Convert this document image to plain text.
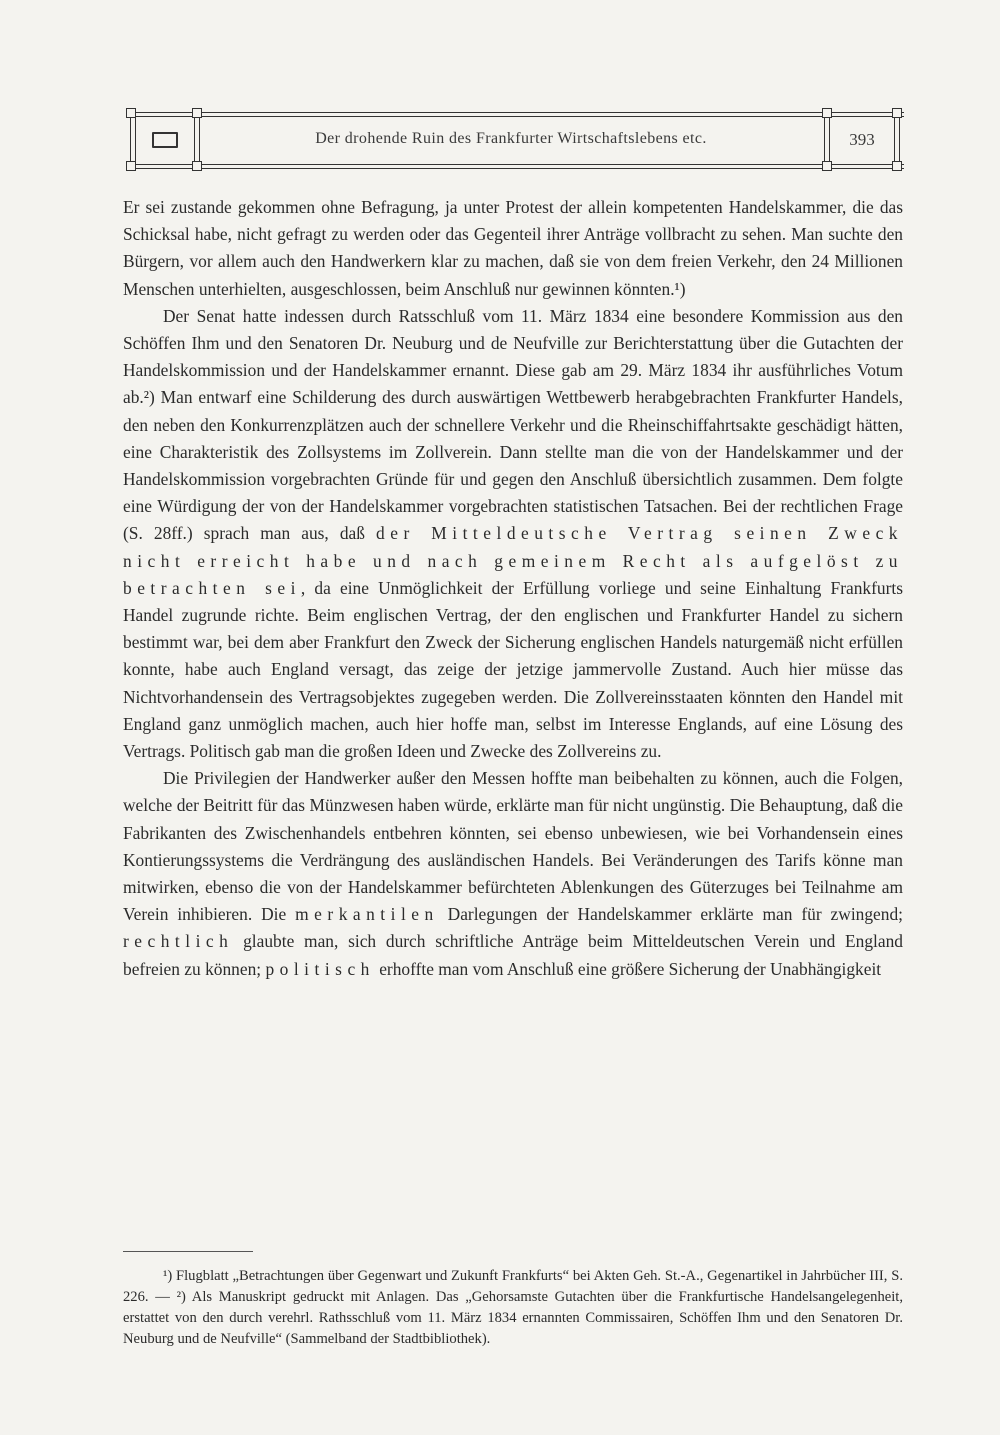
Der drohende Ruin des Frankfurter Wirtschaftslebens etc.	393

Er sei zustande gekommen ohne Befragung, ja unter Protest der allein kompetenten Handelskammer, die das Schicksal habe, nicht gefragt zu werden oder das Gegenteil ihrer Anträge vollbracht zu sehen. Man suchte den Bürgern, vor allem auch den Handwerkern klar zu machen, daß sie von dem freien Verkehr, den 24 Millionen Menschen unterhielten, ausgeschlossen, beim Anschluß nur gewinnen könnten.¹)

Der Senat hatte indessen durch Ratsschluß vom 11. März 1834 eine besondere Kommission aus den Schöffen Ihm und den Senatoren Dr. Neuburg und de Neufville zur Berichterstattung über die Gutachten der Handelskommission und der Handelskammer ernannt. Diese gab am 29. März 1834 ihr ausführliches Votum ab.²) Man entwarf eine Schilderung des durch auswärtigen Wettbewerb herabgebrachten Frankfurter Handels, den neben den Konkurrenzplätzen auch der schnellere Verkehr und die Rheinschiffahrtsakte geschädigt hätten, eine Charakteristik des Zollsystems im Zollverein. Dann stellte man die von der Handelskammer und der Handelskommission vorgebrachten Gründe für und gegen den Anschluß übersichtlich zusammen. Dem folgte eine Würdigung der von der Handelskammer vorgebrachten statistischen Tatsachen. Bei der rechtlichen Frage (S. 28ff.) sprach man aus, daß der Mitteldeutsche Vertrag seinen Zweck nicht erreicht habe und nach gemeinem Recht als aufgelöst zu betrachten sei, da eine Unmöglichkeit der Erfüllung vorliege und seine Einhaltung Frankfurts Handel zugrunde richte. Beim englischen Vertrag, der den englischen und Frankfurter Handel zu sichern bestimmt war, bei dem aber Frankfurt den Zweck der Sicherung englischen Handels naturgemäß nicht erfüllen konnte, habe auch England versagt, das zeige der jetzige jammervolle Zustand. Auch hier müsse das Nichtvorhandensein des Vertragsobjektes zugegeben werden. Die Zollvereinsstaaten könnten den Handel mit England ganz unmöglich machen, auch hier hoffe man, selbst im Interesse Englands, auf eine Lösung des Vertrags. Politisch gab man die großen Ideen und Zwecke des Zollvereins zu.

Die Privilegien der Handwerker außer den Messen hoffte man beibehalten zu können, auch die Folgen, welche der Beitritt für das Münzwesen haben würde, erklärte man für nicht ungünstig. Die Behauptung, daß die Fabrikanten des Zwischenhandels entbehren könnten, sei ebenso unbewiesen, wie bei Vorhandensein eines Kontierungssystems die Verdrängung des ausländischen Handels. Bei Veränderungen des Tarifs könne man mitwirken, ebenso die von der Handelskammer befürchteten Ablenkungen des Güterzuges bei Teilnahme am Verein inhibieren. Die merkantilen Darlegungen der Handelskammer erklärte man für zwingend; rechtlich glaubte man, sich durch schriftliche Anträge beim Mitteldeutschen Verein und England befreien zu können; politisch erhoffte man vom Anschluß eine größere Sicherung der Unabhängigkeit

¹) Flugblatt „Betrachtungen über Gegenwart und Zukunft Frankfurts“ bei Akten Geh. St.-A., Gegenartikel in Jahrbücher III, S. 226. — ²) Als Manuskript gedruckt mit Anlagen. Das „Gehorsamste Gutachten über die Frankfurtische Handelsangelegenheit, erstattet von den durch verehrl. Rathsschluß vom 11. März 1834 ernannten Commissairen, Schöffen Ihm und den Senatoren Dr. Neuburg und de Neufville“ (Sammelband der Stadtbibliothek).
